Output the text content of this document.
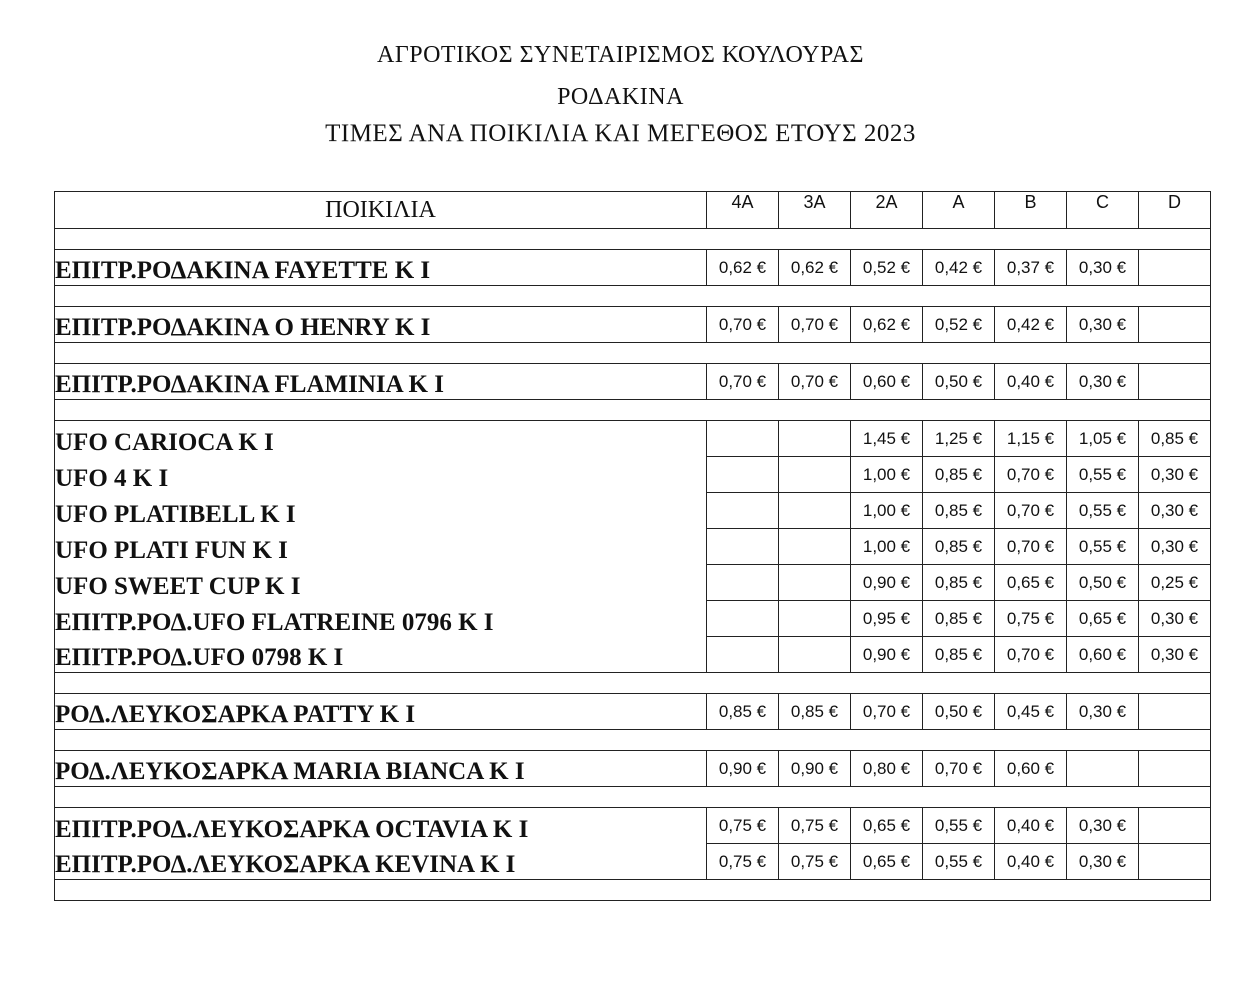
ΑΓΡΟΤΙΚΟΣ ΣΥΝΕΤΑΙΡΙΣΜΟΣ ΚΟΥΛΟΥΡΑΣ
ΡΟΔΑΚΙΝΑ
ΤΙΜΕΣ ΑΝΑ ΠΟΙΚΙΛΙΑ ΚΑΙ ΜΕΓΕΘΟΣ ΕΤΟΥΣ 2023
ΠΟΙΚΙΛΙΑ	4A	3A	2A	A	B	C	D

ΕΠΙΤΡ.ΡΟΔΑΚΙΝΑ FAYETTE K I	0,62 €	0,62 €	0,52 €	0,42 €	0,37 €	0,30 €	

ΕΠΙΤΡ.ΡΟΔΑΚΙΝΑ O HENRY K I	0,70 €	0,70 €	0,62 €	0,52 €	0,42 €	0,30 €	

ΕΠΙΤΡ.ΡΟΔΑΚΙΝΑ FLAMINIA K I	0,70 €	0,70 €	0,60 €	0,50 €	0,40 €	0,30 €	

UFO CARIOCA K I			1,45 €	1,25 €	1,15 €	1,05 €	0,85 €
UFO 4 K I			1,00 €	0,85 €	0,70 €	0,55 €	0,30 €
UFO PLATIBELL K I			1,00 €	0,85 €	0,70 €	0,55 €	0,30 €
UFO PLATI FUN K I			1,00 €	0,85 €	0,70 €	0,55 €	0,30 €
UFO SWEET CUP K I			0,90 €	0,85 €	0,65 €	0,50 €	0,25 €
ΕΠΙΤΡ.ΡΟΔ.UFO FLATREINE 0796 K I			0,95 €	0,85 €	0,75 €	0,65 €	0,30 €
ΕΠΙΤΡ.ΡΟΔ.UFO 0798 K I			0,90 €	0,85 €	0,70 €	0,60 €	0,30 €

ΡΟΔ.ΛΕΥΚΟΣΑΡΚΑ PATTY K I	0,85 €	0,85 €	0,70 €	0,50 €	0,45 €	0,30 €	

ΡΟΔ.ΛΕΥΚΟΣΑΡΚΑ MARIA BIANCA K I	0,90 €	0,90 €	0,80 €	0,70 €	0,60 €		

ΕΠΙΤΡ.ΡΟΔ.ΛΕΥΚΟΣΑΡΚΑ OCTAVIA K I	0,75 €	0,75 €	0,65 €	0,55 €	0,40 €	0,30 €	
ΕΠΙΤΡ.ΡΟΔ.ΛΕΥΚΟΣΑΡΚΑ KEVINA K I	0,75 €	0,75 €	0,65 €	0,55 €	0,40 €	0,30 €	
